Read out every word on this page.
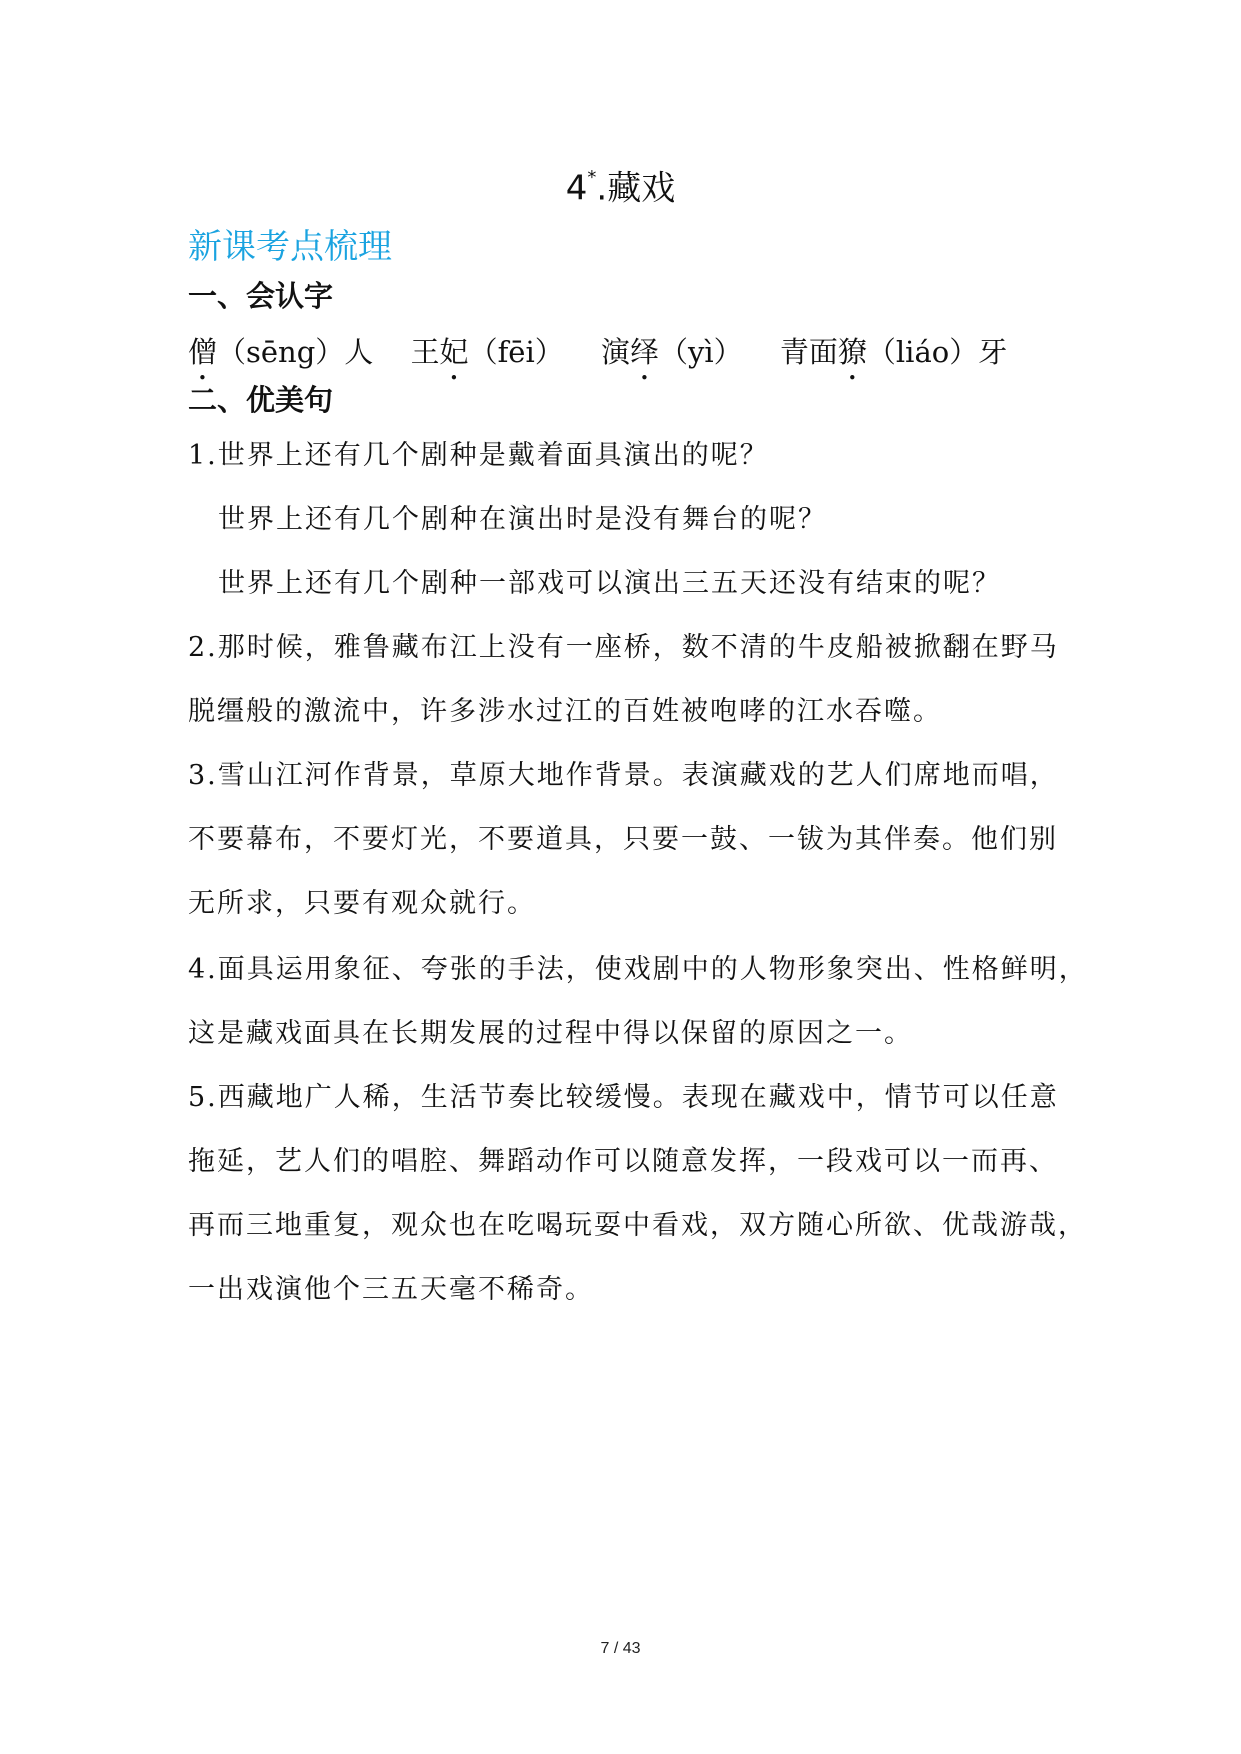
4*.藏戏
新课考点梳理
一、会认字
僧（sēng）人 王妃（fēi） 演绎（yì） 青面獠（liáo）牙
二、优美句
1.世界上还有几个剧种是戴着面具演出的呢？
世界上还有几个剧种在演出时是没有舞台的呢？
世界上还有几个剧种一部戏可以演出三五天还没有结束的呢？
2.那时候，雅鲁藏布江上没有一座桥，数不清的牛皮船被掀翻在野马
脱缰般的激流中，许多涉水过江的百姓被咆哮的江水吞噬。
3.雪山江河作背景，草原大地作背景。表演藏戏的艺人们席地而唱，
不要幕布，不要灯光，不要道具，只要一鼓、一钹为其伴奏。他们别
无所求，只要有观众就行。
4.面具运用象征、夸张的手法，使戏剧中的人物形象突出、性格鲜明，
这是藏戏面具在长期发展的过程中得以保留的原因之一。
5.西藏地广人稀，生活节奏比较缓慢。表现在藏戏中，情节可以任意
拖延，艺人们的唱腔、舞蹈动作可以随意发挥，一段戏可以一而再、
再而三地重复，观众也在吃喝玩耍中看戏，双方随心所欲、优哉游哉，
一出戏演他个三五天毫不稀奇。
7 / 43
